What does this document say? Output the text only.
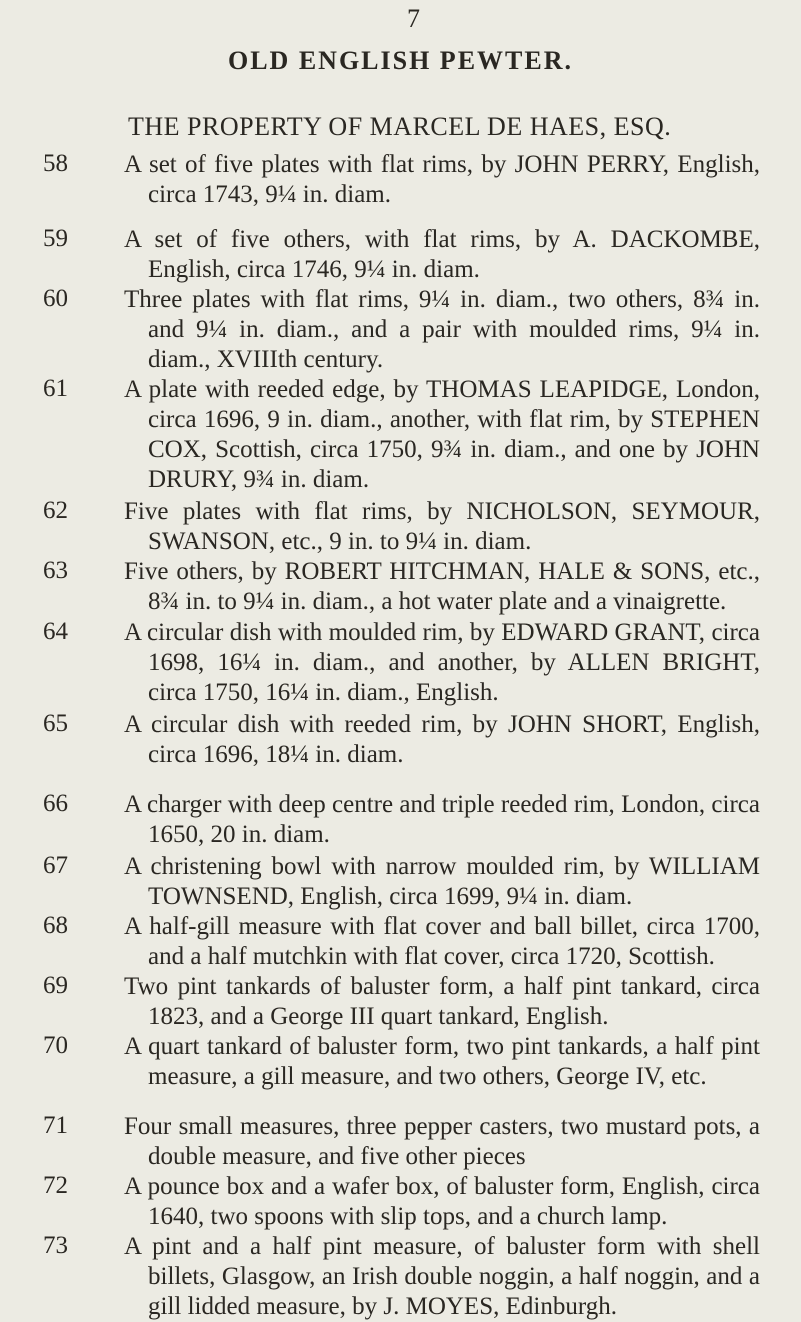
7
OLD ENGLISH PEWTER.
THE PROPERTY OF MARCEL DE HAES, ESQ.
58 A set of five plates with flat rims, by JOHN PERRY, English, circa 1743, 9¼ in. diam.
59 A set of five others, with flat rims, by A. DACKOMBE, English, circa 1746, 9¼ in. diam.
60 Three plates with flat rims, 9¼ in. diam., two others, 8¾ in. and 9¼ in. diam., and a pair with moulded rims, 9¼ in. diam., XVIIIth century.
61 A plate with reeded edge, by THOMAS LEAPIDGE, London, circa 1696, 9 in. diam., another, with flat rim, by STEPHEN COX, Scottish, circa 1750, 9¾ in. diam., and one by JOHN DRURY, 9¾ in. diam.
62 Five plates with flat rims, by NICHOLSON, SEYMOUR, SWANSON, etc., 9 in. to 9¼ in. diam.
63 Five others, by ROBERT HITCHMAN, HALE & SONS, etc., 8¾ in. to 9¼ in. diam., a hot water plate and a vinaigrette.
64 A circular dish with moulded rim, by EDWARD GRANT, circa 1698, 16¼ in. diam., and another, by ALLEN BRIGHT, circa 1750, 16¼ in. diam., English.
65 A circular dish with reeded rim, by JOHN SHORT, English, circa 1696, 18¼ in. diam.
66 A charger with deep centre and triple reeded rim, London, circa 1650, 20 in. diam.
67 A christening bowl with narrow moulded rim, by WILLIAM TOWNSEND, English, circa 1699, 9¼ in. diam.
68 A half-gill measure with flat cover and ball billet, circa 1700, and a half mutchkin with flat cover, circa 1720, Scottish.
69 Two pint tankards of baluster form, a half pint tankard, circa 1823, and a George III quart tankard, English.
70 A quart tankard of baluster form, two pint tankards, a half pint measure, a gill measure, and two others, George IV, etc.
71 Four small measures, three pepper casters, two mustard pots, a double measure, and five other pieces
72 A pounce box and a wafer box, of baluster form, English, circa 1640, two spoons with slip tops, and a church lamp.
73 A pint and a half pint measure, of baluster form with shell billets, Glasgow, an Irish double noggin, a half noggin, and a gill lidded measure, by J. MOYES, Edinburgh.
